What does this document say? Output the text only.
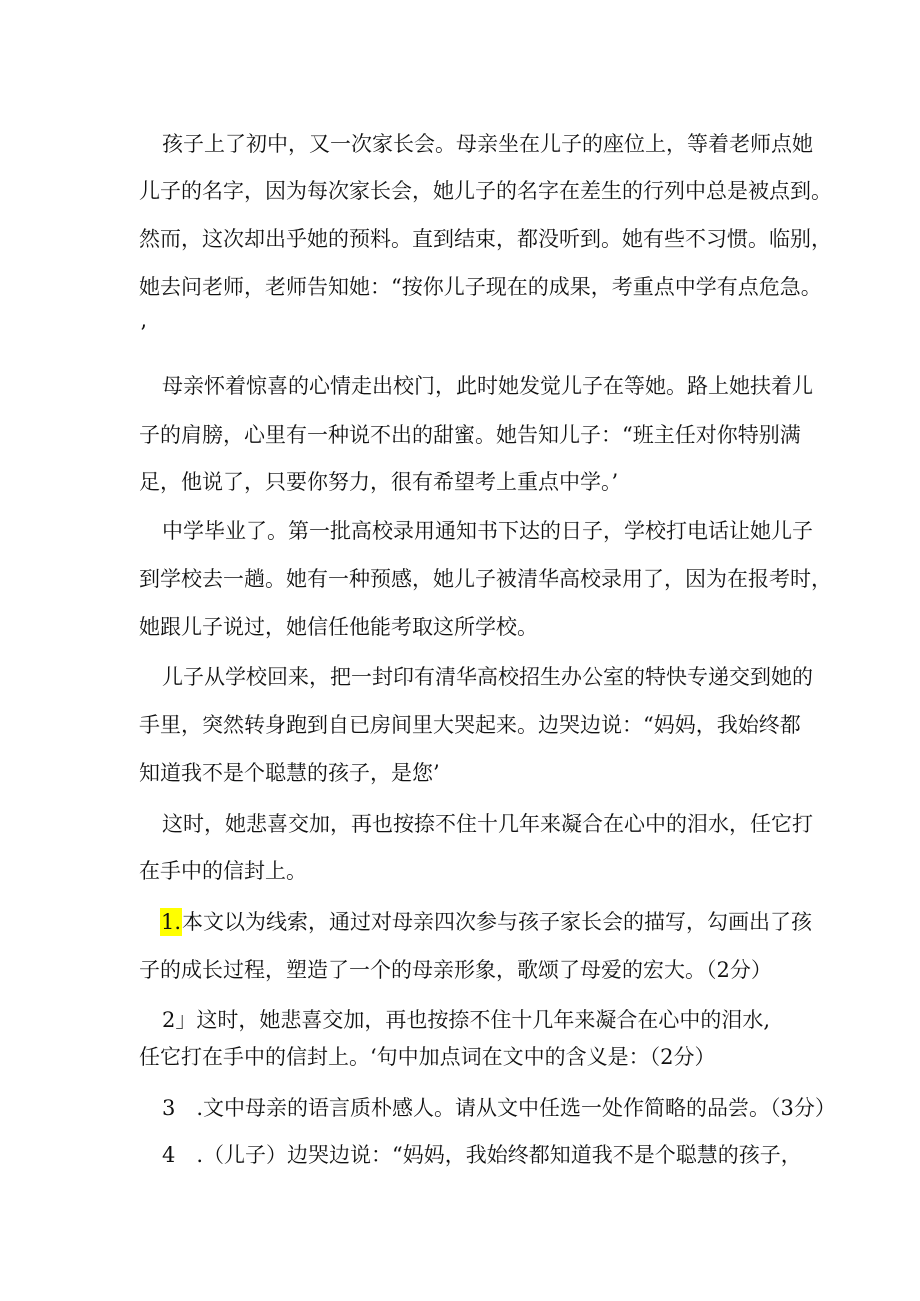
孩子上了初中，又一次家长会。母亲坐在儿子的座位上，等着老师点她
儿子的名字，因为每次家长会，她儿子的名字在差生的行列中总是被点到。
然而，这次却出乎她的预料。直到结束，都没听到。她有些不习惯。临别，
她去问老师，老师告知她：“按你儿子现在的成果，考重点中学有点危急。
’
母亲怀着惊喜的心情走出校门，此时她发觉儿子在等她。路上她扶着儿
子的肩膀，心里有一种说不出的甜蜜。她告知儿子：“班主任对你特别满
足，他说了，只要你努力，很有希望考上重点中学。’
中学毕业了。第一批高校录用通知书下达的日子，学校打电话让她儿子
到学校去一趟。她有一种预感，她儿子被清华高校录用了，因为在报考时，
她跟儿子说过，她信任他能考取这所学校。
儿子从学校回来，把一封印有清华高校招生办公室的特快专递交到她的
手里，突然转身跑到自已房间里大哭起来。边哭边说：“妈妈，我始终都
知道我不是个聪慧的孩子，是您’
这时，她悲喜交加，再也按捺不住十几年来凝合在心中的泪水，任它打
在手中的信封上。
1.本文以为线索，通过对母亲四次参与孩子家长会的描写，勾画出了孩
子的成长过程，塑造了一个的母亲形象，歌颂了母爱的宏大。（2分）
2」这时，她悲喜交加，再也按捺不住十几年来凝合在心中的泪水,
任它打在手中的信封上。‘句中加点词在文中的含义是：（2分）
3　.文中母亲的语言质朴感人。请从文中任选一处作简略的品尝。（3分）
4　.（儿子）边哭边说：“妈妈，我始终都知道我不是个聪慧的孩子，
